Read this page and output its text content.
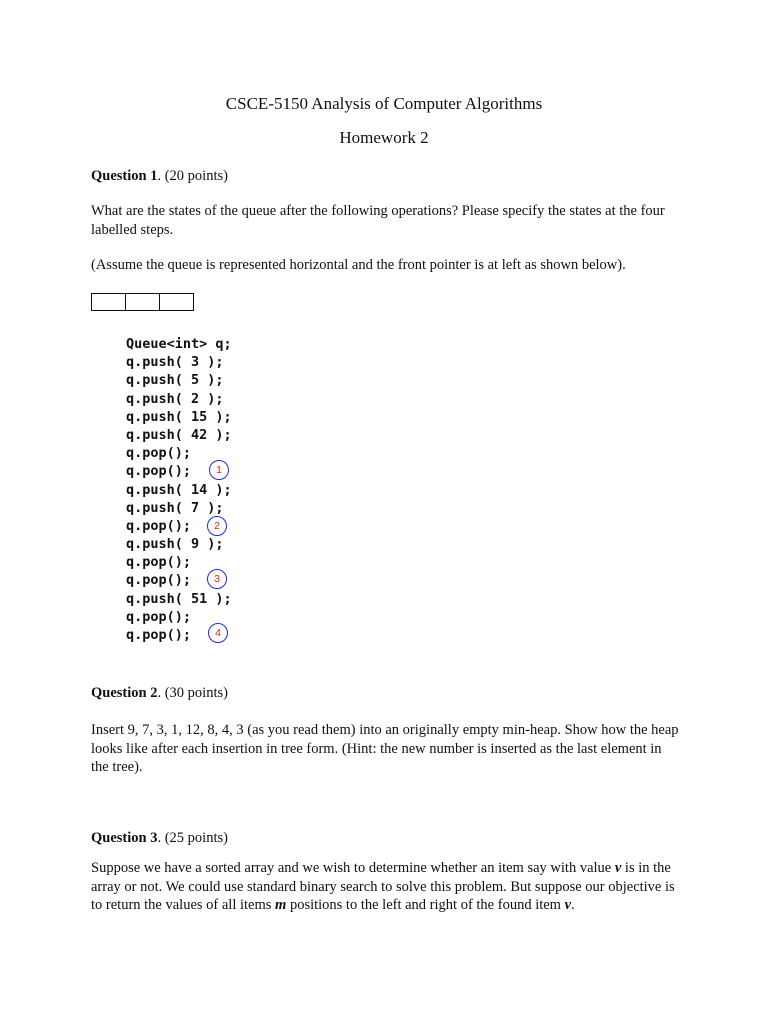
CSCE-5150 Analysis of Computer Algorithms
Homework 2
Question 1. (20 points)
What are the states of the queue after the following operations? Please specify the states at the four labelled steps.
(Assume the queue is represented horizontal and the front pointer is at left as shown below).
Queue<int> q;
q.push( 3 );
q.push( 5 );
q.push( 2 );
q.push( 15 );
q.push( 42 );
q.pop();
q.pop();
q.push( 14 );
q.push( 7 );
q.pop();
q.push( 9 );
q.pop();
q.pop();
q.push( 51 );
q.pop();
q.pop();
1
2
3
4
Question 2. (30 points)
Insert 9, 7, 3, 1, 12, 8, 4, 3 (as you read them) into an originally empty min-heap. Show how the heap looks like after each insertion in tree form. (Hint: the new number is inserted as the last element in the tree).
Question 3. (25 points)
Suppose we have a sorted array and we wish to determine whether an item say with value v is in the array or not. We could use standard binary search to solve this problem. But suppose our objective is to return the values of all items m positions to the left and right of the found item v.
